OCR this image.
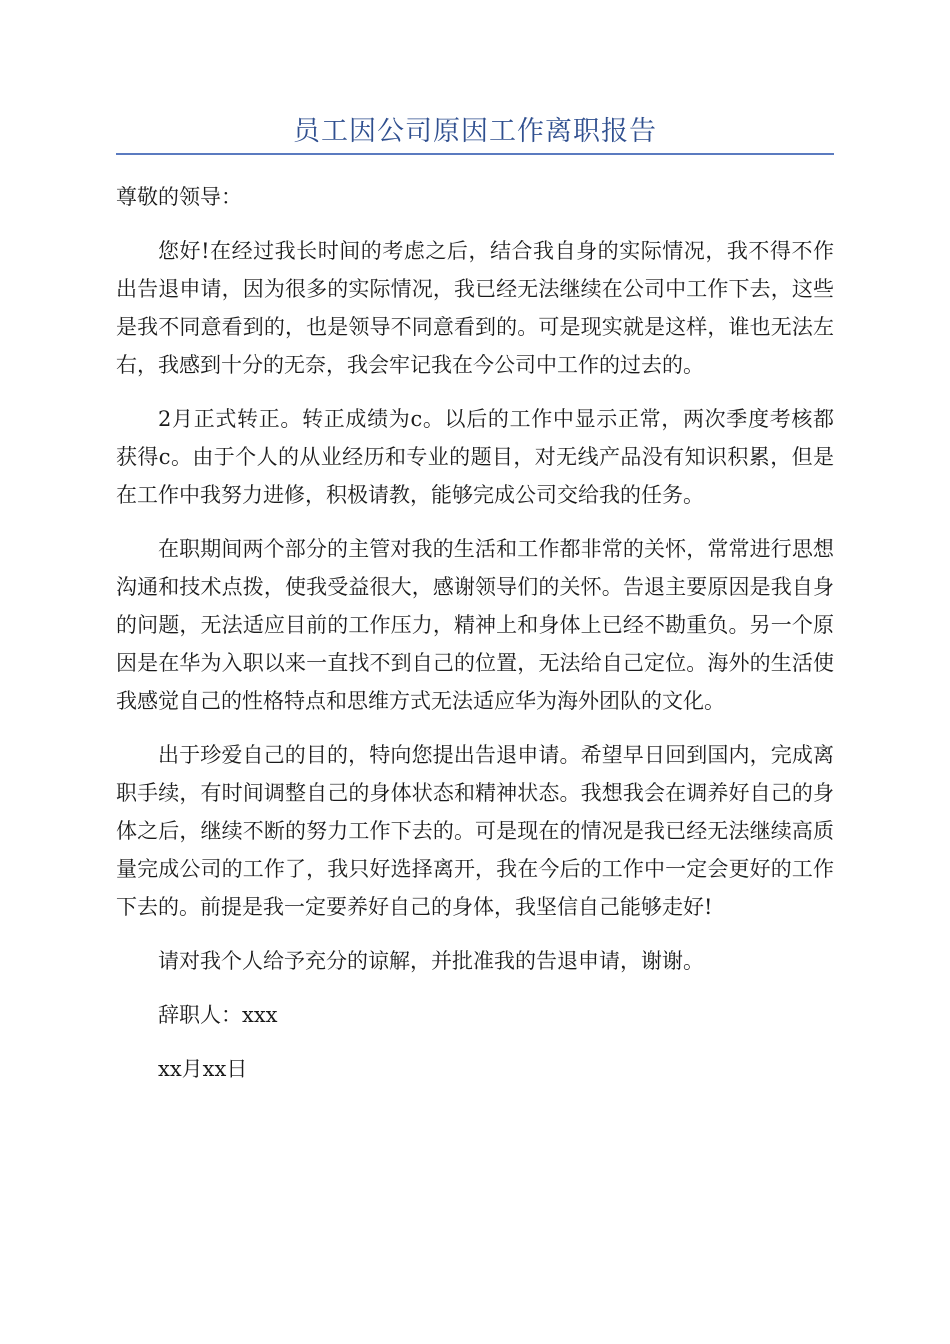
员工因公司原因工作离职报告

尊敬的领导：

您好!在经过我长时间的考虑之后，结合我自身的实际情况，我不得不作出告退申请，因为很多的实际情况，我已经无法继续在公司中工作下去，这些是我不同意看到的，也是领导不同意看到的。可是现实就是这样，谁也无法左右，我感到十分的无奈，我会牢记我在今公司中工作的过去的。

2月正式转正。转正成绩为c。以后的工作中显示正常，两次季度考核都获得c。由于个人的从业经历和专业的题目，对无线产品没有知识积累，但是在工作中我努力进修，积极请教，能够完成公司交给我的任务。

在职期间两个部分的主管对我的生活和工作都非常的关怀，常常进行思想沟通和技术点拨，使我受益很大，感谢领导们的关怀。告退主要原因是我自身的问题，无法适应目前的工作压力，精神上和身体上已经不勘重负。另一个原因是在华为入职以来一直找不到自己的位置，无法给自己定位。海外的生活使我感觉自己的性格特点和思维方式无法适应华为海外团队的文化。

出于珍爱自己的目的，特向您提出告退申请。希望早日回到国内，完成离职手续，有时间调整自己的身体状态和精神状态。我想我会在调养好自己的身体之后，继续不断的努力工作下去的。可是现在的情况是我已经无法继续高质量完成公司的工作了，我只好选择离开，我在今后的工作中一定会更好的工作下去的。前提是我一定要养好自己的身体，我坚信自己能够走好!

请对我个人给予充分的谅解，并批准我的告退申请，谢谢。

辞职人：xxx

xx月xx日
